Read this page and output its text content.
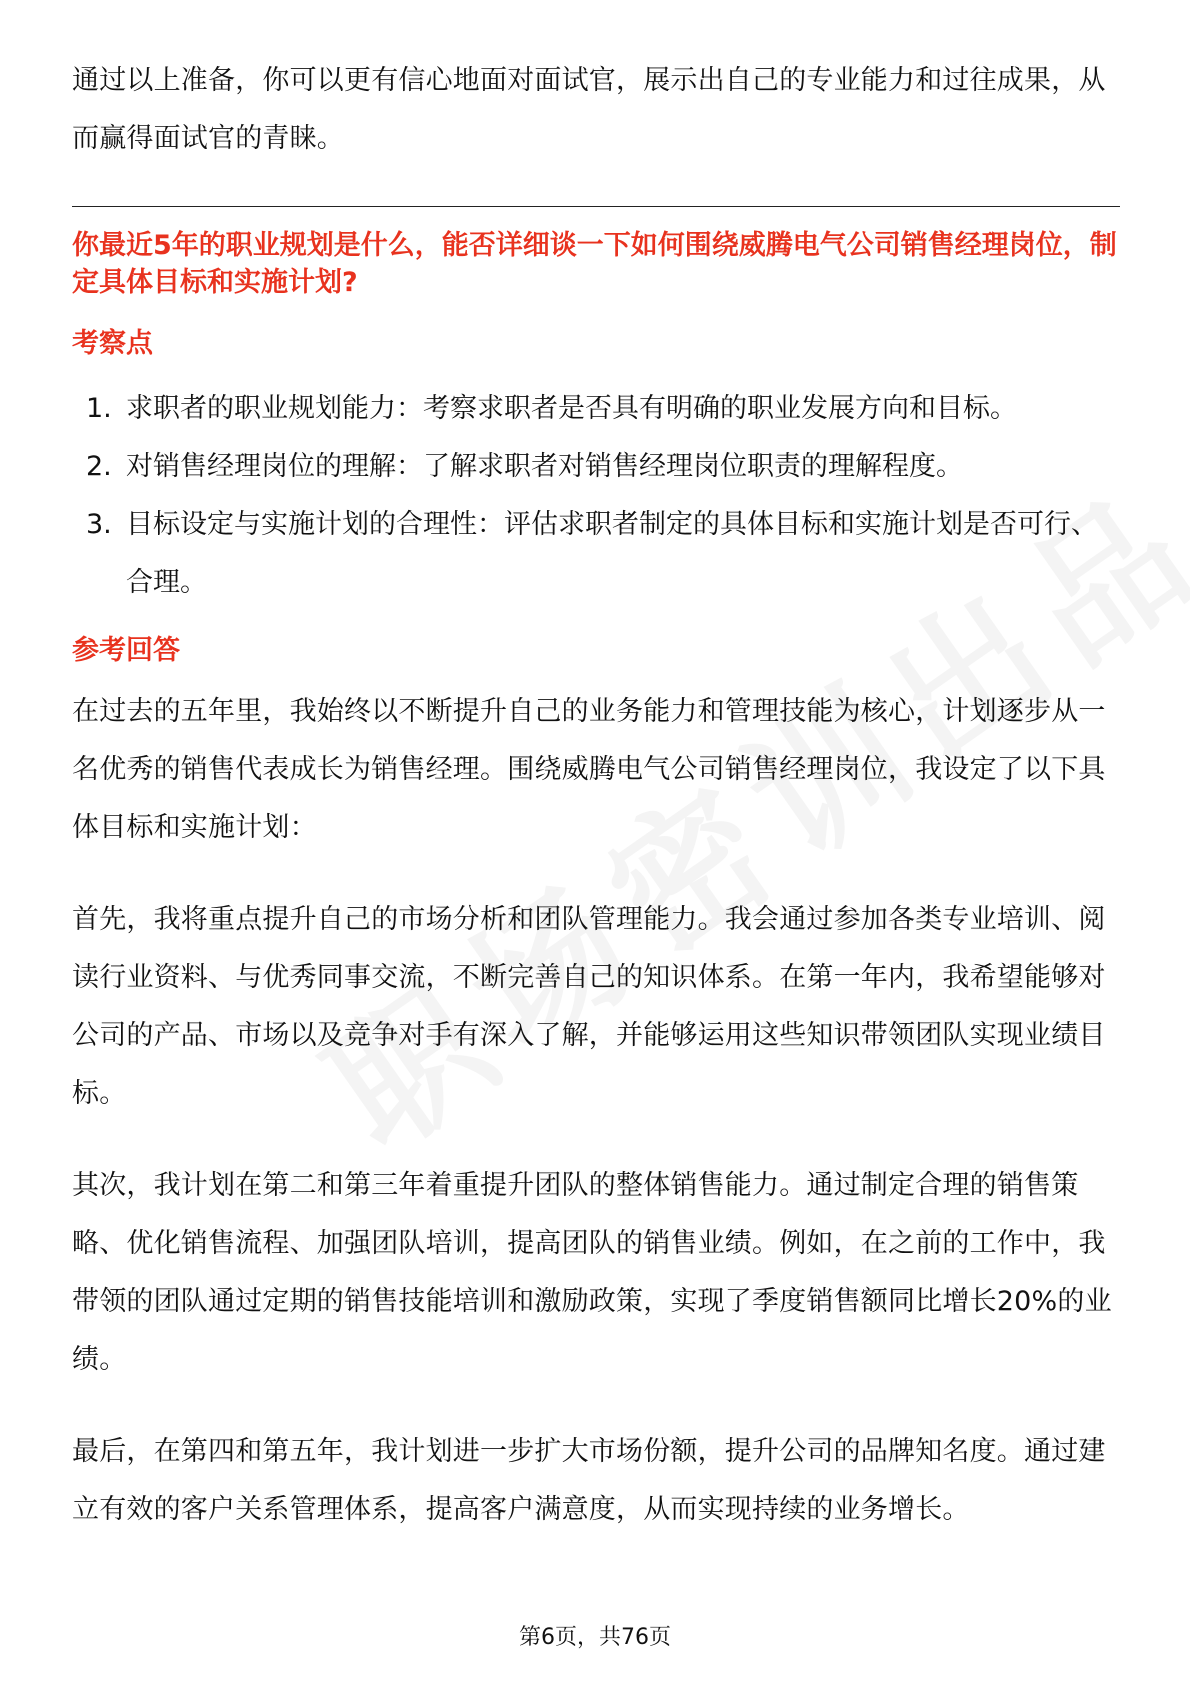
通过以上准备，你可以更有信心地面对面试官，展示出自己的专业能力和过往成果，从而赢得面试官的青睐。

你最近5年的职业规划是什么，能否详细谈一下如何围绕威腾电气公司销售经理岗位，制定具体目标和实施计划?

考察点

1. 求职者的职业规划能力：考察求职者是否具有明确的职业发展方向和目标。
2. 对销售经理岗位的理解：了解求职者对销售经理岗位职责的理解程度。
3. 目标设定与实施计划的合理性：评估求职者制定的具体目标和实施计划是否可行、合理。

参考回答

在过去的五年里，我始终以不断提升自己的业务能力和管理技能为核心，计划逐步从一名优秀的销售代表成长为销售经理。围绕威腾电气公司销售经理岗位，我设定了以下具体目标和实施计划：

首先，我将重点提升自己的市场分析和团队管理能力。我会通过参加各类专业培训、阅读行业资料、与优秀同事交流，不断完善自己的知识体系。在第一年内，我希望能够对公司的产品、市场以及竞争对手有深入了解，并能够运用这些知识带领团队实现业绩目标。

其次，我计划在第二和第三年着重提升团队的整体销售能力。通过制定合理的销售策略、优化销售流程、加强团队培训，提高团队的销售业绩。例如，在之前的工作中，我带领的团队通过定期的销售技能培训和激励政策，实现了季度销售额同比增长20%的业绩。

最后，在第四和第五年，我计划进一步扩大市场份额，提升公司的品牌知名度。通过建立有效的客户关系管理体系，提高客户满意度，从而实现持续的业务增长。

第6页，共76页
